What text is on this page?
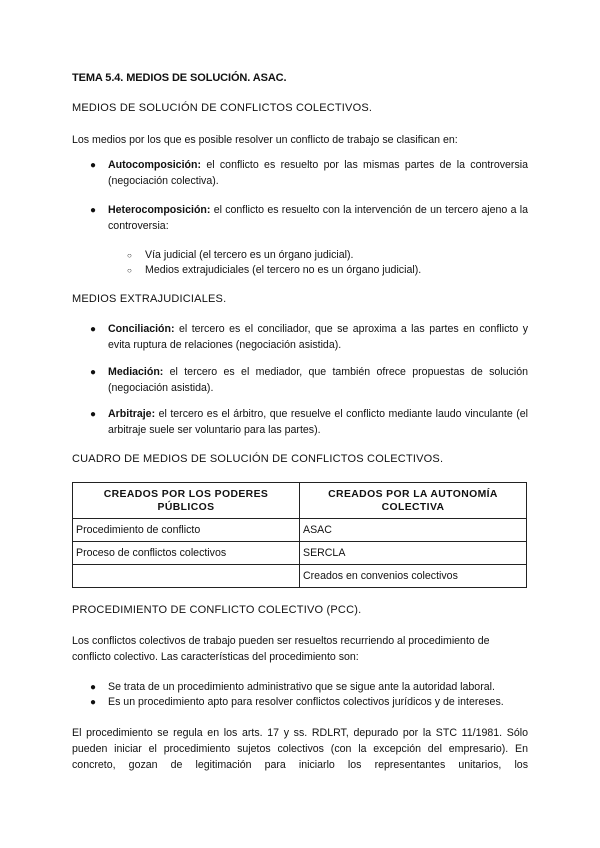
TEMA 5.4. MEDIOS DE SOLUCIÓN. ASAC.
MEDIOS DE SOLUCIÓN DE CONFLICTOS COLECTIVOS.
Los medios por los que es posible resolver un conflicto de trabajo se clasifican en:
● Autocomposición: el conflicto es resuelto por las mismas partes de la controversia (negociación colectiva).
● Heterocomposición: el conflicto es resuelto con la intervención de un tercero ajeno a la controversia:
○ Vía judicial (el tercero es un órgano judicial).
○ Medios extrajudiciales (el tercero no es un órgano judicial).
MEDIOS EXTRAJUDICIALES.
● Conciliación: el tercero es el conciliador, que se aproxima a las partes en conflicto y evita ruptura de relaciones (negociación asistida).
● Mediación: el tercero es el mediador, que también ofrece propuestas de solución (negociación asistida).
● Arbitraje: el tercero es el árbitro, que resuelve el conflicto mediante laudo vinculante (el arbitraje suele ser voluntario para las partes).
CUADRO DE MEDIOS DE SOLUCIÓN DE CONFLICTOS COLECTIVOS.
CREADOS POR LOS PODERES PÚBLICOS	CREADOS POR LA AUTONOMÍA COLECTIVA
Procedimiento de conflicto	ASAC
Proceso de conflictos colectivos	SERCLA
	Creados en convenios colectivos
PROCEDIMIENTO DE CONFLICTO COLECTIVO (PCC).
Los conflictos colectivos de trabajo pueden ser resueltos recurriendo al procedimiento de conflicto colectivo. Las características del procedimiento son:
● Se trata de un procedimiento administrativo que se sigue ante la autoridad laboral.
● Es un procedimiento apto para resolver conflictos colectivos jurídicos y de intereses.
El procedimiento se regula en los arts. 17 y ss. RDLRT, depurado por la STC 11/1981. Sólo pueden iniciar el procedimiento sujetos colectivos (con la excepción del empresario). En concreto, gozan de legitimación para iniciarlo los representantes unitarios, los
